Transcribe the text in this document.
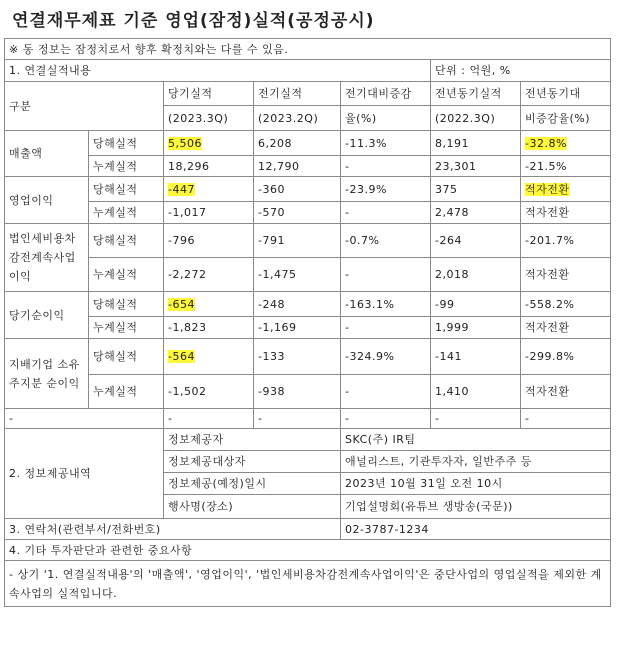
연결재무제표 기준 영업(잠정)실적(공정공시)
※ 동 정보는 잠정치로서 향후 확정치와는 다를 수 있음.						
1. 연결실적내용					단위 : 억원, %	
구분		당기실적	전기실적	전기대비증감	전년동기실적	전년동기대
		(2023.3Q)	(2023.2Q)	율(%)	(2022.3Q)	비증감율(%)
매출액	당해실적	5,506	6,208	-11.3%	8,191	-32.8%
	누계실적	18,296	12,790	-	23,301	-21.5%
영업이익	당해실적	-447	-360	-23.9%	375	적자전환
	누계실적	-1,017	-570	-	2,478	적자전환
법인세비용차감전계속사업이익	당해실적	-796	-791	-0.7%	-264	-201.7%
	누계실적	-2,272	-1,475	-	2,018	적자전환
당기순이익	당해실적	-654	-248	-163.1%	-99	-558.2%
	누계실적	-1,823	-1,169	-	1,999	적자전환
지배기업 소유주지분 순이익	당해실적	-564	-133	-324.9%	-141	-299.8%
	누계실적	-1,502	-938	-	1,410	적자전환
-		-	-	-	-	-
2. 정보제공내역		정보제공자		SKC(주) IR팀		
		정보제공대상자		애널리스트, 기관투자자, 일반주주 등		
		정보제공(예정)일시		2023년 10월 31일 오전 10시		
		행사명(장소)		기업설명회(유튜브 생방송(국문))		
3. 연락처(관련부서/전화번호)				02-3787-1234		
4. 기타 투자판단과 관련한 중요사항						
- 상기 '1. 연결실적내용'의 '매출액', '영업이익', '법인세비용차감전계속사업이익'은 중단사업의 영업실적을 제외한 계속사업의 실적입니다.						
